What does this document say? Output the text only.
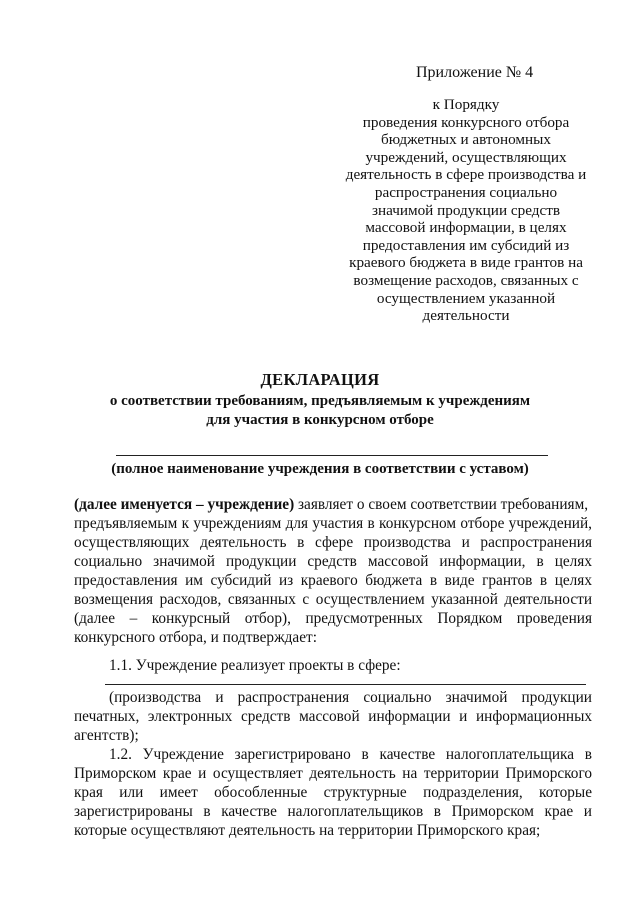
Приложение № 4
к Порядку
проведения конкурсного отбора
бюджетных и автономных
учреждений, осуществляющих
деятельность в сфере производства и
распространения социально
значимой продукции средств
массовой информации, в целях
предоставления им субсидий из
краевого бюджета в виде грантов на
возмещение расходов, связанных с
осуществлением указанной
деятельности
ДЕКЛАРАЦИЯ
о соответствии требованиям, предъявляемым к учреждениям
для участия в конкурсном отборе
(полное наименование учреждения в соответствии с уставом)
(далее именуется – учреждение) заявляет о своем соответствии требованиям,
предъявляемым к учреждениям для участия в конкурсном отборе учреждений,
осуществляющих деятельность в сфере производства и распространения
социально значимой продукции средств массовой информации, в целях
предоставления им субсидий из краевого бюджета в виде грантов в целях
возмещения расходов, связанных с осуществлением указанной деятельности
(далее – конкурсный отбор), предусмотренных Порядком проведения
конкурсного отбора, и подтверждает:
1.1. Учреждение реализует проекты в сфере:
(производства и распространения социально значимой продукции
печатных, электронных средств массовой информации и информационных
агентств);
1.2. Учреждение зарегистрировано в качестве налогоплательщика в
Приморском крае и осуществляет деятельность на территории Приморского
края или имеет обособленные структурные подразделения, которые
зарегистрированы в качестве налогоплательщиков в Приморском крае и
которые осуществляют деятельность на территории Приморского края;
